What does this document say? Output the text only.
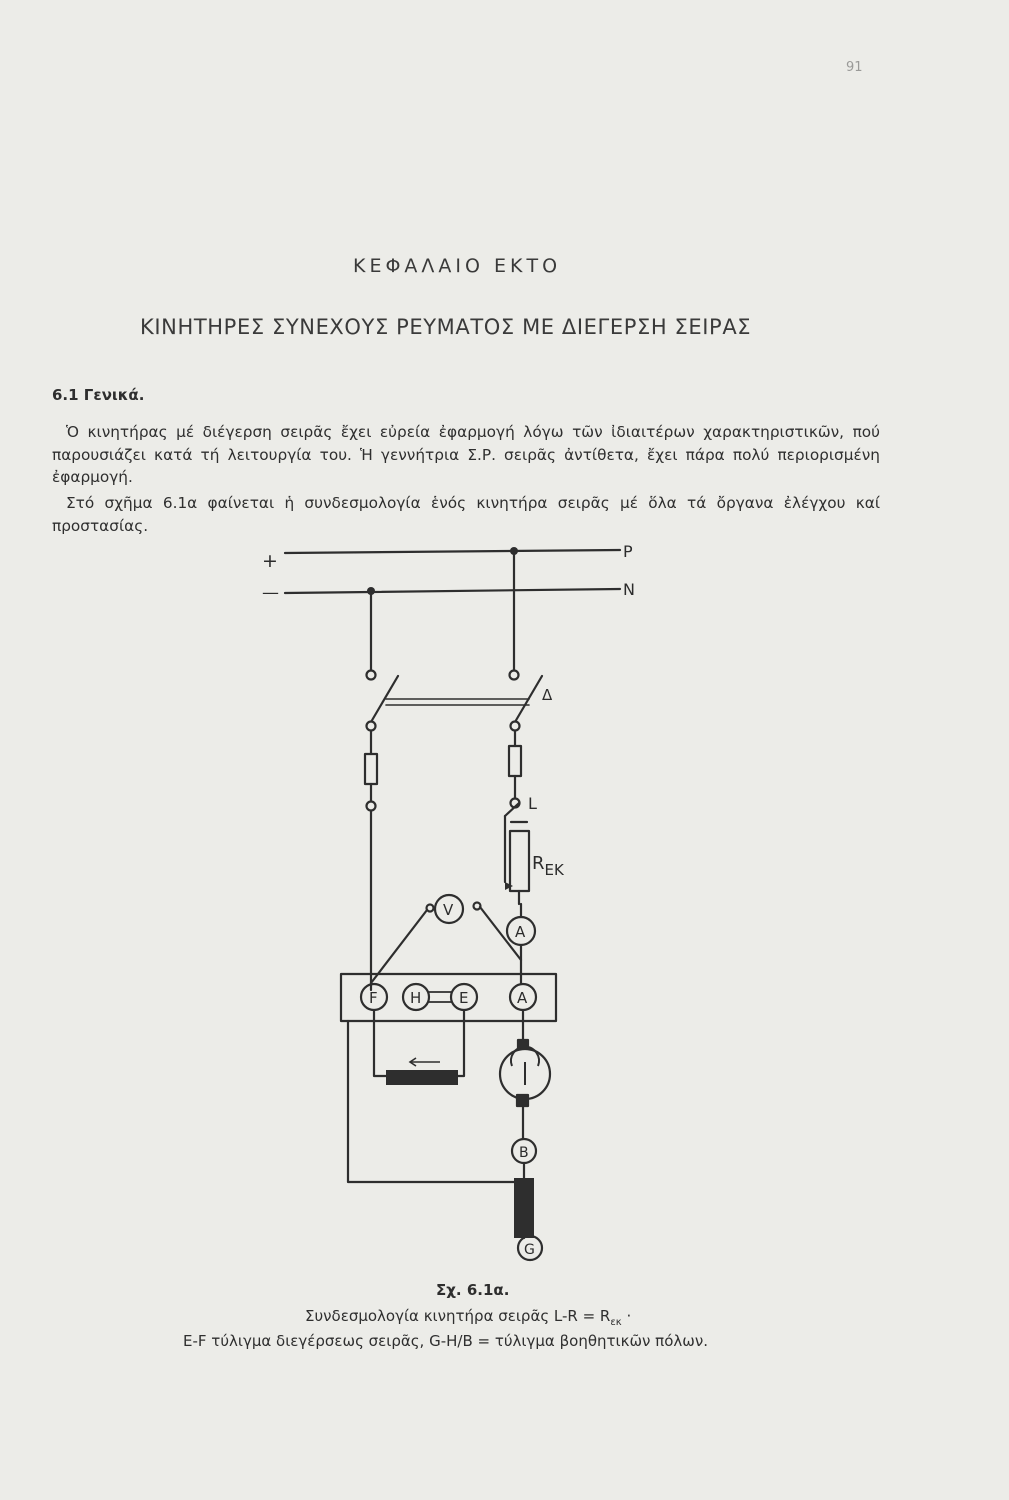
91
ΚΕΦΑΛΑΙΟ ΕΚΤΟ
ΚΙΝΗΤΗΡΕΣ ΣΥΝΕΧΟΥΣ ΡΕΥΜΑΤΟΣ ΜΕ ΔΙΕΓΕΡΣΗ ΣΕΙΡΑΣ
6.1 Γενικά.
Ὁ κινητήρας μέ διέγερση σειρᾶς ἔχει εὐρεία ἐφαρμογή λόγω τῶν ἰδιαιτέρων χαρακτηριστικῶν, πού παρουσιάζει κατά τή λειτουργία του. Ἡ γεννήτρια Σ.Ρ. σειρᾶς ἀντίθετα, ἔχει πάρα πολύ περιορισμένη ἐφαρμογή.
Στό σχῆμα 6.1α φαίνεται ἡ συνδεσμολογία ἑνός κινητήρα σειρᾶς μέ ὅλα τά ὄργανα ἐλέγχου καί προστασίας.
+
—
P
N
Δ
L
$R_{EK}$
V
A
F H	E	A
B
G
Σχ. 6.1α.
Συνδεσμολογία κινητήρα σειρᾶς $L-R = R_{\varepsilon\kappa}$ ·
E-F τύλιγμα διεγέρσεως σειρᾶς, G-H/B = τύλιγμα βοηθητικῶν πόλων.
